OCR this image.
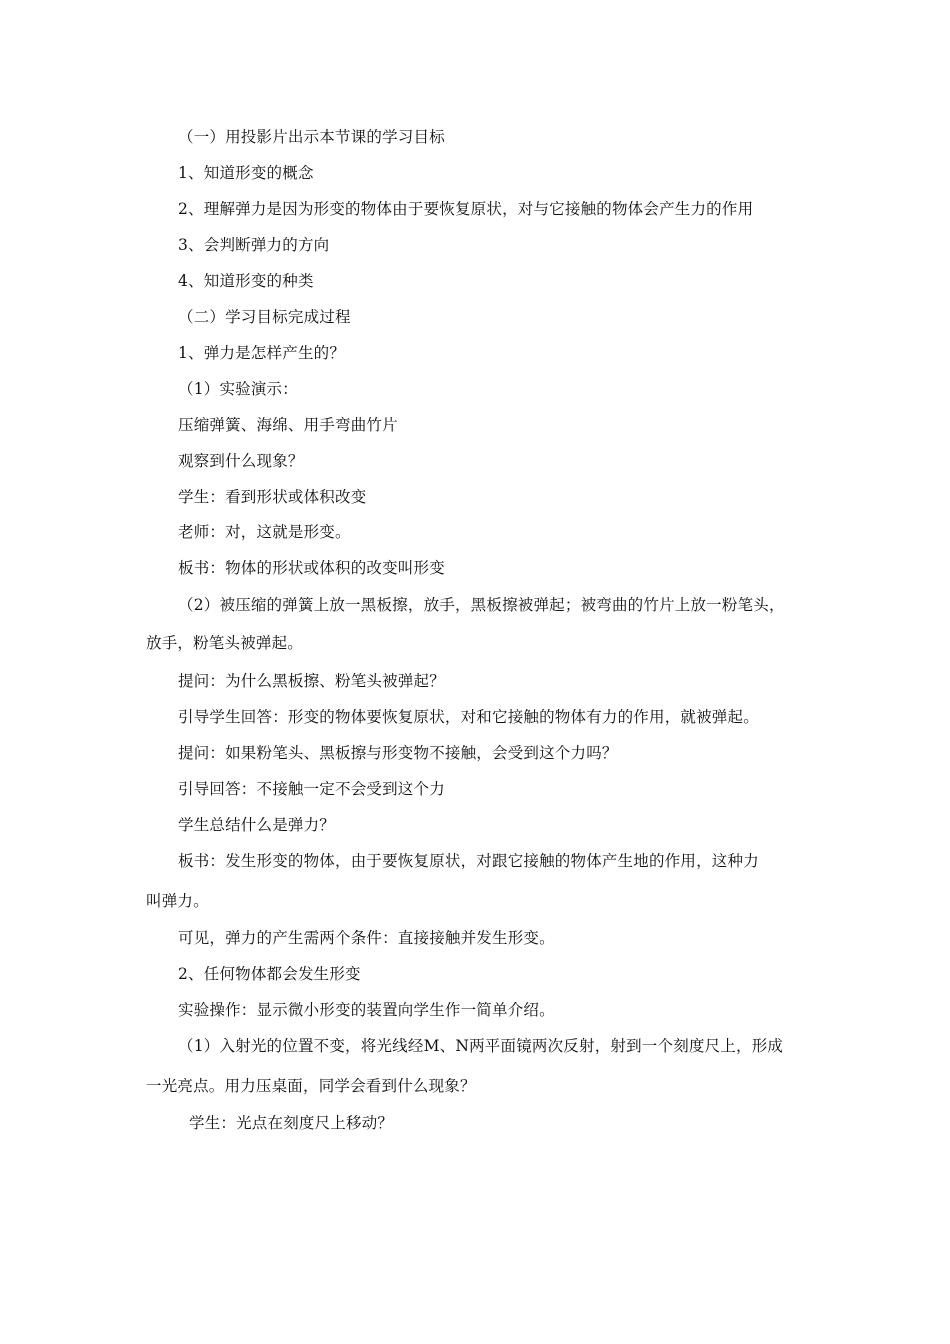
（一）用投影片出示本节课的学习目标
1、知道形变的概念
2、理解弹力是因为形变的物体由于要恢复原状，对与它接触的物体会产生力的作用
3、会判断弹力的方向
4、知道形变的种类
（二）学习目标完成过程
1、弹力是怎样产生的？
（1）实验演示：
压缩弹簧、海绵、用手弯曲竹片
观察到什么现象？
学生：看到形状或体积改变
老师：对，这就是形变。
板书：物体的形状或体积的改变叫形变
（2）被压缩的弹簧上放一黑板擦，放手，黑板擦被弹起；被弯曲的竹片上放一粉笔头，
放手，粉笔头被弹起。
提问：为什么黑板擦、粉笔头被弹起？
引导学生回答：形变的物体要恢复原状，对和它接触的物体有力的作用，就被弹起。
提问：如果粉笔头、黑板擦与形变物不接触，会受到这个力吗？
引导回答：不接触一定不会受到这个力
学生总结什么是弹力？
板书：发生形变的物体，由于要恢复原状，对跟它接触的物体产生地的作用，这种力
叫弹力。
可见，弹力的产生需两个条件：直接接触并发生形变。
2、任何物体都会发生形变
实验操作：显示微小形变的装置向学生作一简单介绍。
（1）入射光的位置不变，将光线经M、N两平面镜两次反射，射到一个刻度尺上，形成
一光亮点。用力压桌面，同学会看到什么现象？
学生：光点在刻度尺上移动？
